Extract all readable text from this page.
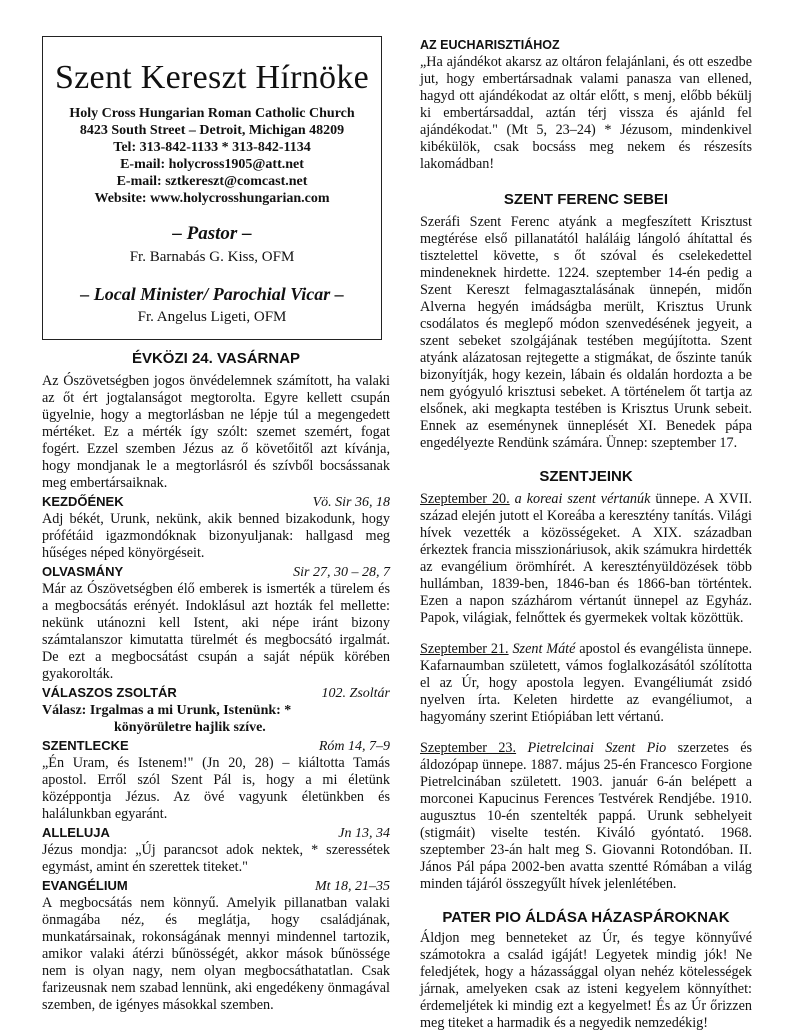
Szent Kereszt Hírnöke
Holy Cross Hungarian Roman Catholic Church
8423 South Street – Detroit, Michigan 48209
Tel: 313-842-1133 * 313-842-1134
E-mail: holycross1905@att.net
E-mail: sztkereszt@comcast.net
Website: www.holycrosshungarian.com
– Pastor –
Fr. Barnabás G. Kiss, OFM
– Local Minister/ Parochial Vicar –
Fr. Angelus Ligeti, OFM
ÉVKÖZI 24. VASÁRNAP
Az Ószövetségben jogos önvédelemnek számított, ha valaki az őt ért jogtalanságot megtorolta. Egyre kellett csupán ügyelnie, hogy a megtorlásban ne lépje túl a megengedett mértéket. Ez a mérték így szólt: szemet szemért, fogat fogért. Ezzel szemben Jézus az ő követőitől azt kívánja, hogy mondjanak le a megtorlásról és szívből bocsássanak meg embertársaiknak.
KEZDŐÉNEK	Vö. Sir 36, 18
Adj békét, Urunk, nekünk, akik benned bizakodunk, hogy prófétáid igazmondóknak bizonyuljanak: hallgasd meg hűséges néped könyörgéseit.
OLVASMÁNY	Sir 27, 30 – 28, 7
Már az Ószövetségben élő emberek is ismerték a türelem és a megbocsátás erényét. Indoklásul azt hozták fel mellette: nekünk utánozni kell Istent, aki népe iránt bizony számtalanszor kimutatta türelmét és megbocsátó irgalmát. De ezt a megbocsátást csupán a saját népük körében gyakorolták.
VÁLASZOS ZSOLTÁR	102. Zsoltár
Válasz: Irgalmas a mi Urunk, Istenünk: *
könyörületre hajlik szíve.
SZENTLECKE	Róm 14, 7–9
„Én Uram, és Istenem!" (Jn 20, 28) – kiáltotta Tamás apostol. Erről szól Szent Pál is, hogy a mi életünk középpontja Jézus. Az övé vagyunk életünkben és halálunkban egyaránt.
ALLELUJA	Jn 13, 34
Jézus mondja: „Új parancsot adok nektek, * szeressétek egymást, amint én szerettek titeket."
EVANGÉLIUM	Mt 18, 21–35
A megbocsátás nem könnyű. Amelyik pillanatban valaki önmagába néz, és meglátja, hogy családjának, munkatársainak, rokonságának mennyi mindennel tartozik, amikor valaki átérzi bűnösségét, akkor mások bűnössége nem is olyan nagy, nem olyan megbocsáthatatlan. Csak farizeusnak nem szabad lennünk, aki engedékeny önmagával szemben, de igényes másokkal szemben.
AZ EUCHARISZTIÁHOZ
„Ha ajándékot akarsz az oltáron felajánlani, és ott eszedbe jut, hogy embertársadnak valami panasza van ellened, hagyd ott ajándékodat az oltár előtt, s menj, előbb békülj ki embertársaddal, aztán térj vissza és ajánld fel ajándékodat." (Mt 5, 23–24) * Jézusom, mindenkivel kibékülök, csak bocsáss meg nekem és részesíts lakomádban!
SZENT FERENC SEBEI
Szeráfi Szent Ferenc atyánk a megfeszített Krisztust megtérése első pillanatától haláláig lángoló áhítattal és tisztelettel követte, s őt szóval és cselekedettel mindeneknek hirdette. 1224. szeptember 14-én pedig a Szent Kereszt felmagasztalásának ünnepén, midőn Alverna hegyén imádságba merült, Krisztus Urunk csodálatos és meglepő módon szenvedésének jegyeit, a szent sebeket szolgájának testében megújította. Szent atyánk alázatosan rejtegette a stigmákat, de őszinte tanúk bizonyítják, hogy kezein, lábain és oldalán hordozta a be nem gyógyuló krisztusi sebeket. A történelem őt tartja az elsőnek, aki megkapta testében is Krisztus Urunk sebeit. Ennek az eseménynek ünneplését XI. Benedek pápa engedélyezte Rendünk számára. Ünnep: szeptember 17.
SZENTJEINK
Szeptember 20. a koreai szent vértanúk ünnepe. A XVII. század elején jutott el Koreába a keresztény tanítás. Világi hívek vezették a közösségeket. A XIX. században érkeztek francia misszionáriusok, akik számukra hirdették az evangélium örömhírét. A keresztényüldözések több hullámban, 1839-ben, 1846-ban és 1866-ban történtek. Ezen a napon százhárom vértanút ünnepel az Egyház. Papok, világiak, felnőttek és gyermekek voltak közöttük.
Szeptember 21. Szent Máté apostol és evangélista ünnepe. Kafarnaumban született, vámos foglalkozásától szólította el az Úr, hogy apostola legyen. Evangéliumát zsidó nyelven írta. Keleten hirdette az evangéliumot, a hagyomány szerint Etiópiában lett vértanú.
Szeptember 23. Pietrelcinai Szent Pio szerzetes és áldozópap ünnepe. 1887. május 25-én Francesco Forgione Pietrelcinában született. 1903. január 6-án belépett a morconei Kapucinus Ferences Testvérek Rendjébe. 1910. augusztus 10-én szentelték pappá. Urunk sebhelyeit (stigmáit) viselte testén. Kiváló gyóntató. 1968. szeptember 23-án halt meg S. Giovanni Rotondóban. II. János Pál pápa 2002-ben avatta szentté Rómában a világ minden tájáról összegyűlt hívek jelenlétében.
PATER PIO ÁLDÁSA HÁZASPÁROKNAK
Áldjon meg benneteket az Úr, és tegye könnyűvé számotokra a család igáját! Legyetek mindig jók! Ne feledjétek, hogy a házassággal olyan nehéz kötelességek járnak, amelyeken csak az isteni kegyelem könnyíthet: érdemeljétek ki mindig ezt a kegyelmet! És az Úr őrizzen meg titeket a harmadik és a negyedik nemzedékig!
